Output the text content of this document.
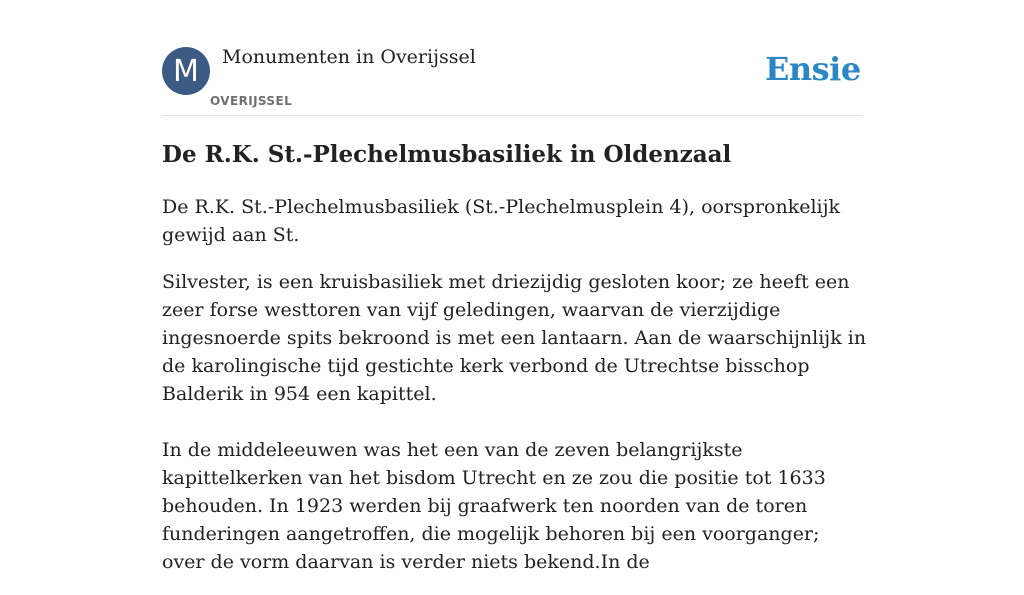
M	Monumenten in Overijssel
OVERIJSSEL
Ensie
De R.K. St.-Plechelmusbasiliek in Oldenzaal

De R.K. St.-Plechelmusbasiliek (St.-Plechelmusplein 4), oorspronkelijk gewijd aan St.

Silvester, is een kruisbasiliek met driezijdig gesloten koor; ze heeft een zeer forse westtoren van vijf geledingen, waarvan de vierzijdige ingesnoerde spits bekroond is met een lantaarn. Aan de waarschijnlijk in de karolingische tijd gestichte kerk verbond de Utrechtse bisschop Balderik in 954 een kapittel.

In de middeleeuwen was het een van de zeven belangrijkste kapittelkerken van het bisdom Utrecht en ze zou die positie tot 1633 behouden. In 1923 werden bij graafwerk ten noorden van de toren funderingen aangetroffen, die mogelijk behoren bij een voorganger; over de vorm daarvan is verder niets bekend.In de
